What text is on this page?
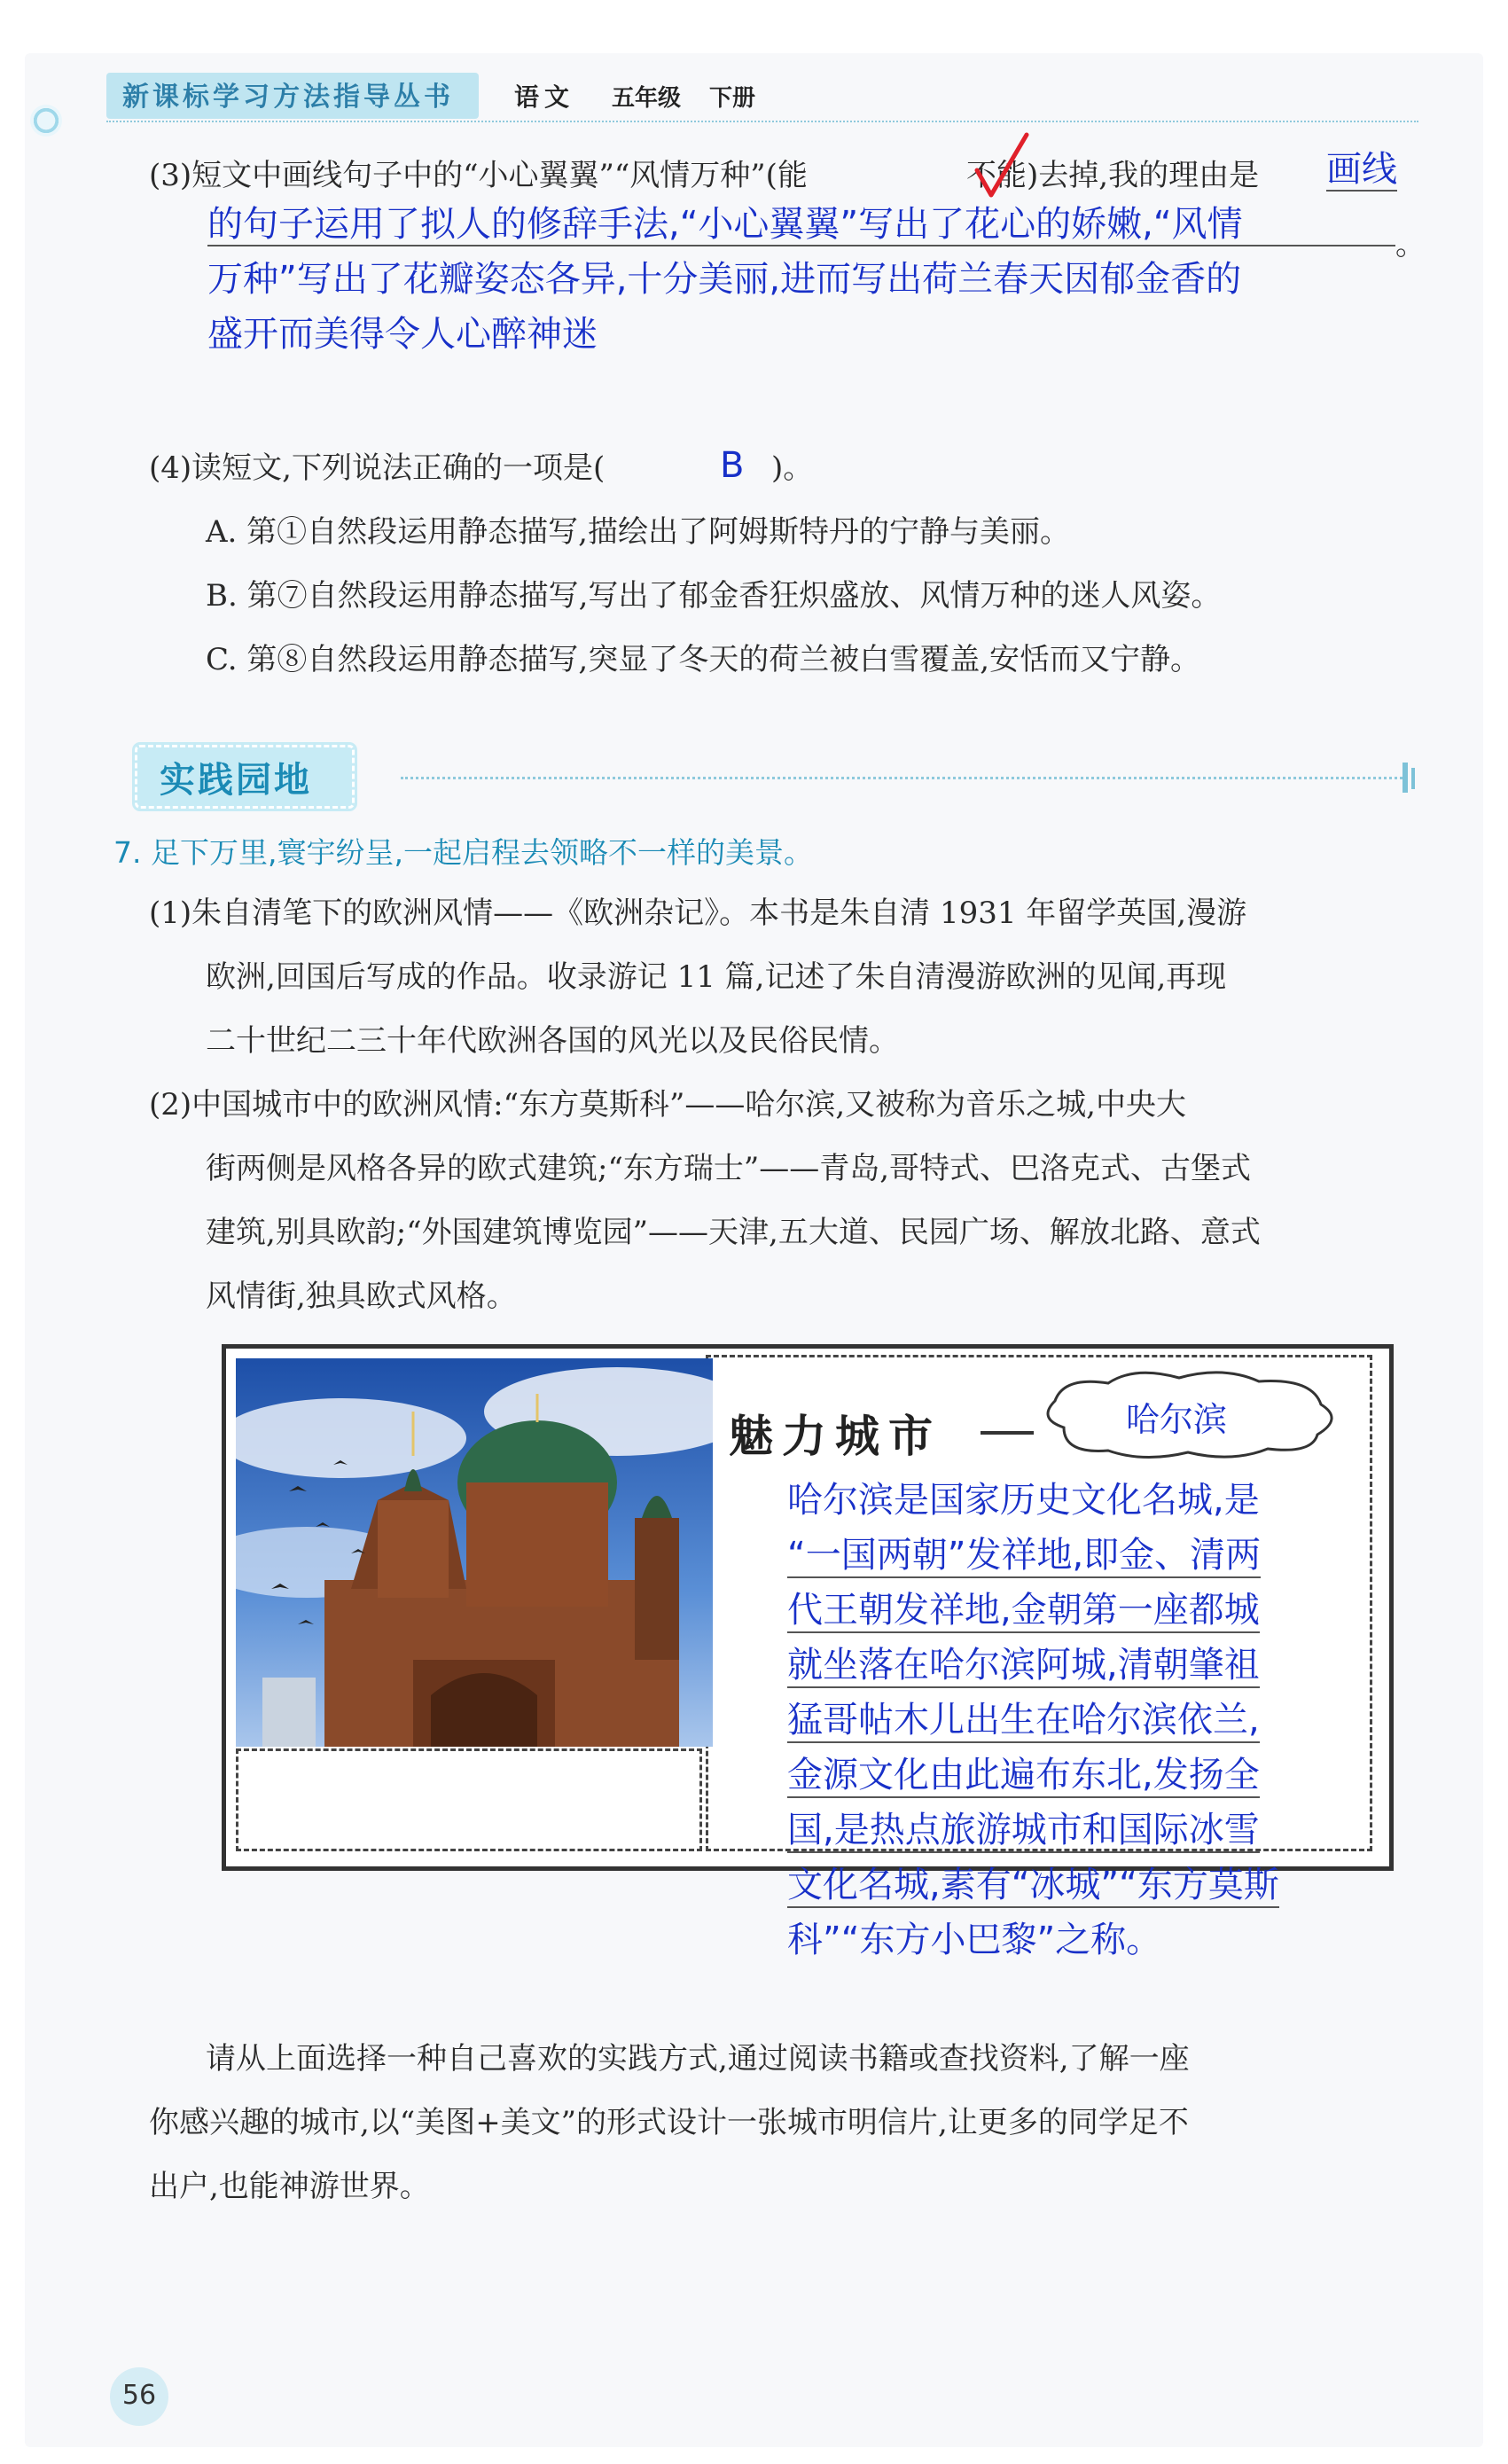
新课标学习方法指导丛书 语文 五年级 下册
(3)短文中画线句子中的“小心翼翼”“风情万种”(能	不能)去掉,我的理由是 画线
的句子运用了拟人的修辞手法,“小心翼翼”写出了花心的娇嫩,“风情	。
万种”写出了花瓣姿态各异,十分美丽,进而写出荷兰春天因郁金香的
盛开而美得令人心醉神迷
(4)读短文,下列说法正确的一项是(	B )。
A. 第①自然段运用静态描写,描绘出了阿姆斯特丹的宁静与美丽。
B. 第⑦自然段运用静态描写,写出了郁金香狂炽盛放、风情万种的迷人风姿。
C. 第⑧自然段运用静态描写,突显了冬天的荷兰被白雪覆盖,安恬而又宁静。
实践园地
7. 足下万里,寰宇纷呈,一起启程去领略不一样的美景。
(1)朱自清笔下的欧洲风情——《欧洲杂记》。本书是朱自清 1931 年留学英国,漫游
欧洲,回国后写成的作品。收录游记 11 篇,记述了朱自清漫游欧洲的见闻,再现
二十世纪二三十年代欧洲各国的风光以及民俗民情。
(2)中国城市中的欧洲风情:“东方莫斯科”——哈尔滨,又被称为音乐之城,中央大
街两侧是风格各异的欧式建筑;“东方瑞士”——青岛,哥特式、巴洛克式、古堡式
建筑,别具欧韵;“外国建筑博览园”——天津,五大道、民园广场、解放北路、意式
风情街,独具欧式风格。
魅力城市	哈尔滨
哈尔滨是国家历史文化名城,是
“一国两朝”发祥地,即金、清两
代王朝发祥地,金朝第一座都城
就坐落在哈尔滨阿城,清朝肇祖
猛哥帖木儿出生在哈尔滨依兰,
金源文化由此遍布东北,发扬全
国,是热点旅游城市和国际冰雪
文化名城,素有“冰城”“东方莫斯
科”“东方小巴黎”之称。
请从上面选择一种自己喜欢的实践方式,通过阅读书籍或查找资料,了解一座
你感兴趣的城市,以“美图+美文”的形式设计一张城市明信片,让更多的同学足不
出户,也能神游世界。
56
